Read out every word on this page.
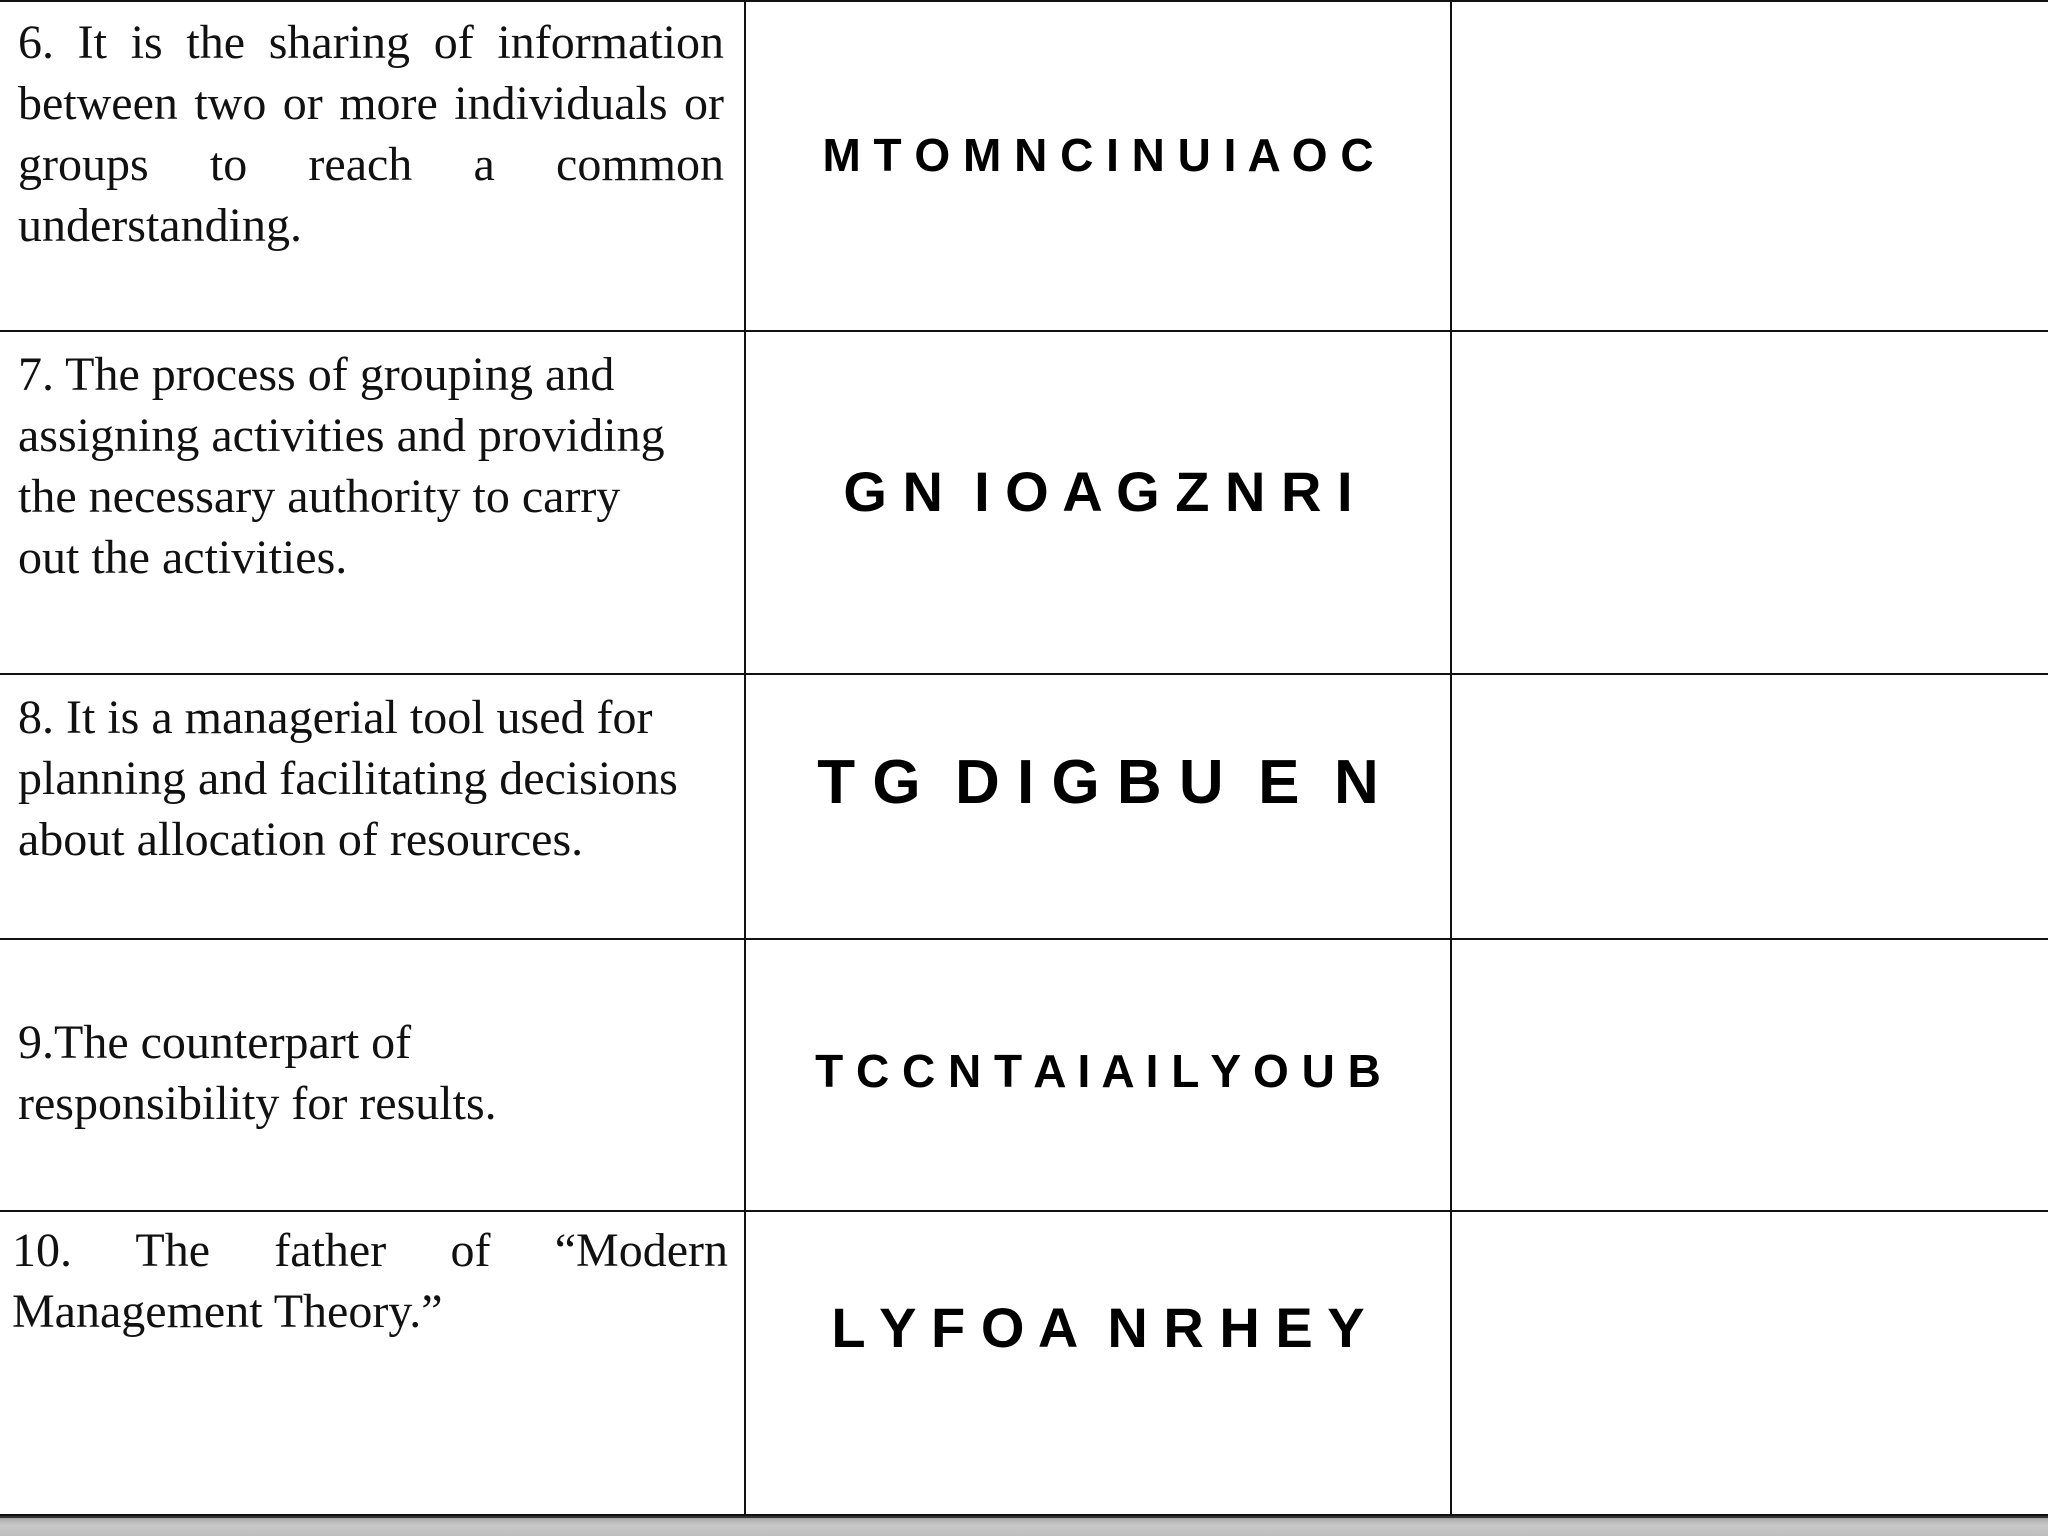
6. It is the sharing of information between two or more individuals or groups to reach a common understanding.

M T O M N C I N U I A O C

7. The process of grouping and
assigning activities and providing
the necessary authority to carry
out the activities.

G N  I O A G Z N R I

8. It is a managerial tool used for
planning and facilitating decisions
about allocation of resources.

T G  D I G B U  E  N

9.The counterpart of
responsibility for results.

T C C N T A I A I L Y O U B

10. The father of “Modern Management Theory.”	L Y F O A  N R H E Y
